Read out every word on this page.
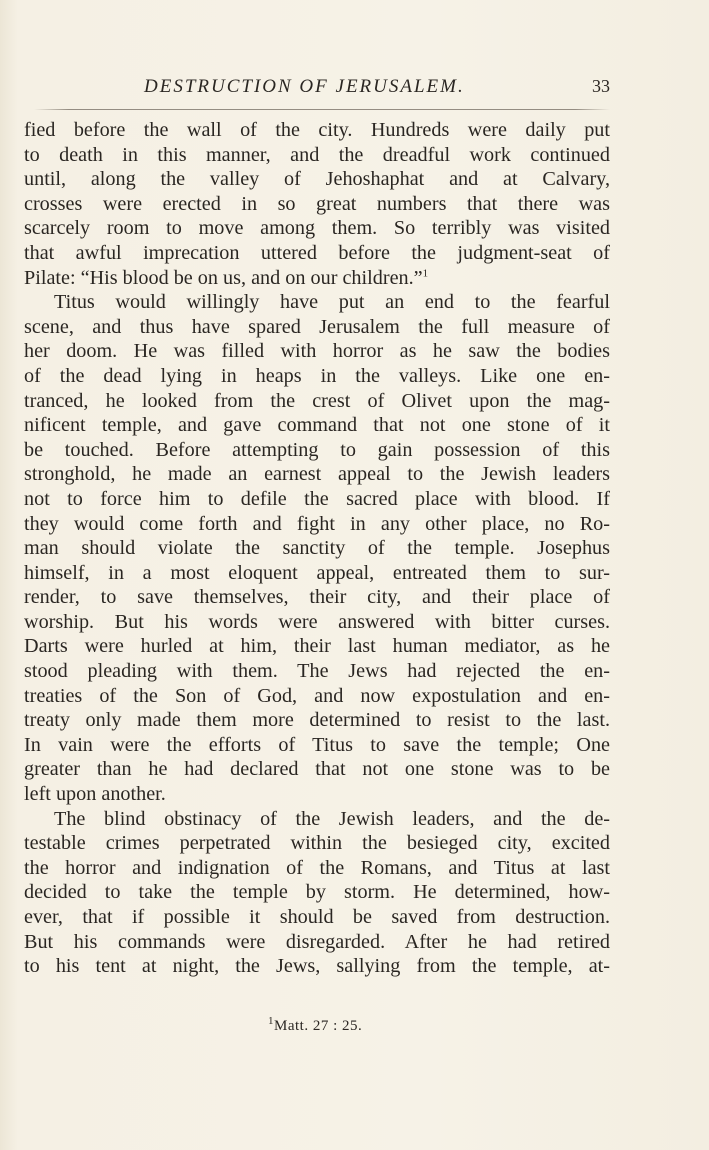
DESTRUCTION OF JERUSALEM.	33

fied before the wall of the city. Hundreds were daily put
to death in this manner, and the dreadful work continued
until, along the valley of Jehoshaphat and at Calvary,
crosses were erected in so great numbers that there was
scarcely room to move among them. So terribly was visited
that awful imprecation uttered before the judgment-seat of
Pilate: “His blood be on us, and on our children.”$^1$

Titus would willingly have put an end to the fearful
scene, and thus have spared Jerusalem the full measure of
her doom. He was filled with horror as he saw the bodies
of the dead lying in heaps in the valleys. Like one en-
tranced, he looked from the crest of Olivet upon the mag-
nificent temple, and gave command that not one stone of it
be touched. Before attempting to gain possession of this
stronghold, he made an earnest appeal to the Jewish leaders
not to force him to defile the sacred place with blood. If
they would come forth and fight in any other place, no Ro-
man should violate the sanctity of the temple. Josephus
himself, in a most eloquent appeal, entreated them to sur-
render, to save themselves, their city, and their place of
worship. But his words were answered with bitter curses.
Darts were hurled at him, their last human mediator, as he
stood pleading with them. The Jews had rejected the en-
treaties of the Son of God, and now expostulation and en-
treaty only made them more determined to resist to the last.
In vain were the efforts of Titus to save the temple; One
greater than he had declared that not one stone was to be
left upon another.

The blind obstinacy of the Jewish leaders, and the de-
testable crimes perpetrated within the besieged city, excited
the horror and indignation of the Romans, and Titus at last
decided to take the temple by storm. He determined, how-
ever, that if possible it should be saved from destruction.
But his commands were disregarded. After he had retired
to his tent at night, the Jews, sallying from the temple, at-

$^1$Matt. 27 : 25.
